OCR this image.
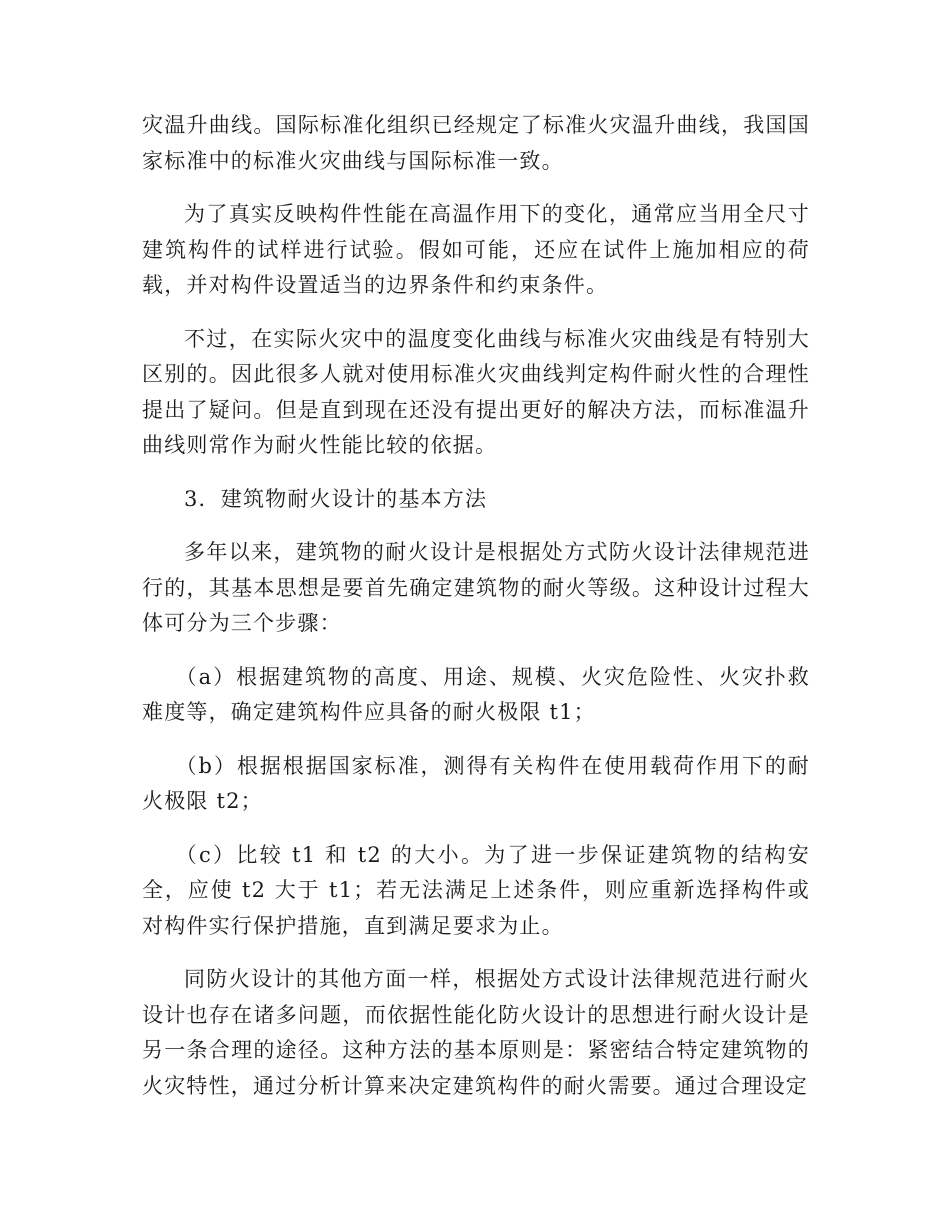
灾温升曲线。国际标准化组织已经规定了标准火灾温升曲线，我国国家标准中的标准火灾曲线与国际标准一致。

为了真实反映构件性能在高温作用下的变化，通常应当用全尺寸建筑构件的试样进行试验。假如可能，还应在试件上施加相应的荷载，并对构件设置适当的边界条件和约束条件。

不过，在实际火灾中的温度变化曲线与标准火灾曲线是有特别大区别的。因此很多人就对使用标准火灾曲线判定构件耐火性的合理性提出了疑问。但是直到现在还没有提出更好的解决方法，而标准温升曲线则常作为耐火性能比较的依据。

3．建筑物耐火设计的基本方法

多年以来，建筑物的耐火设计是根据处方式防火设计法律规范进行的，其基本思想是要首先确定建筑物的耐火等级。这种设计过程大体可分为三个步骤：

（a）根据建筑物的高度、用途、规模、火灾危险性、火灾扑救难度等，确定建筑构件应具备的耐火极限 t1；

（b）根据根据国家标准，测得有关构件在使用载荷作用下的耐火极限 t2；

（c）比较 t1 和 t2 的大小。为了进一步保证建筑物的结构安全，应使 t2 大于 t1；若无法满足上述条件，则应重新选择构件或对构件实行保护措施，直到满足要求为止。

同防火设计的其他方面一样，根据处方式设计法律规范进行耐火设计也存在诸多问题，而依据性能化防火设计的思想进行耐火设计是另一条合理的途径。这种方法的基本原则是：紧密结合特定建筑物的火灾特性，通过分析计算来决定建筑构件的耐火需要。通过合理设定
